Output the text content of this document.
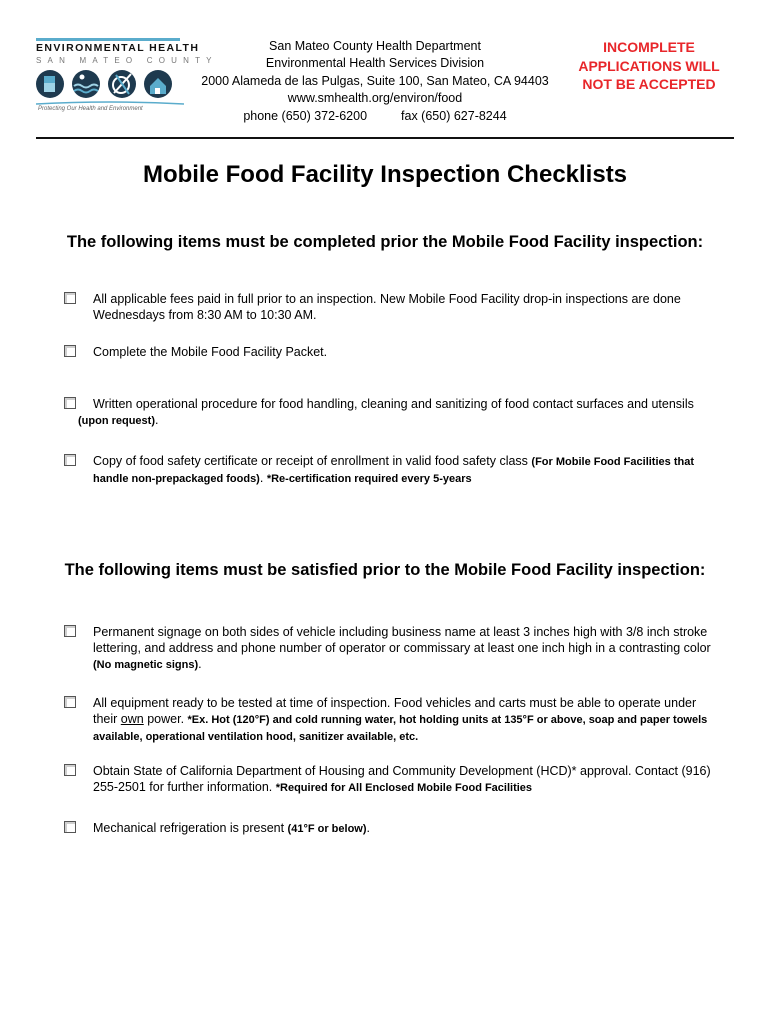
ENVIRONMENTAL HEALTH
SAN MATEO COUNTY
Protecting Our Health and Environment
San Mateo County Health Department
Environmental Health Services Division
2000 Alameda de las Pulgas, Suite 100, San Mateo, CA 94403
www.smhealth.org/environ/food
phone (650) 372-6200	fax (650) 627-8244
INCOMPLETE
APPLICATIONS WILL
NOT BE ACCEPTED
Mobile Food Facility Inspection Checklists
The following items must be completed prior the Mobile Food Facility inspection:
All applicable fees paid in full prior to an inspection. New Mobile Food Facility drop-in inspections are done Wednesdays from 8:30 AM to 10:30 AM.
Complete the Mobile Food Facility Packet.
Written operational procedure for food handling, cleaning and sanitizing of food contact surfaces and utensils
(upon request).
Copy of food safety certificate or receipt of enrollment in valid food safety class (For Mobile Food Facilities that handle non-prepackaged foods). *Re-certification required every 5-years
The following items must be satisfied prior to the Mobile Food Facility inspection:
Permanent signage on both sides of vehicle including business name at least 3 inches high with 3/8 inch stroke lettering, and address and phone number of operator or commissary at least one inch high in a contrasting color (No magnetic signs).
All equipment ready to be tested at time of inspection. Food vehicles and carts must be able to operate under their own power. *Ex. Hot (120°F) and cold running water, hot holding units at 135°F or above, soap and paper towels available, operational ventilation hood, sanitizer available, etc.
Obtain State of California Department of Housing and Community Development (HCD)* approval. Contact (916) 255-2501 for further information. *Required for All Enclosed Mobile Food Facilities
Mechanical refrigeration is present (41°F or below).
